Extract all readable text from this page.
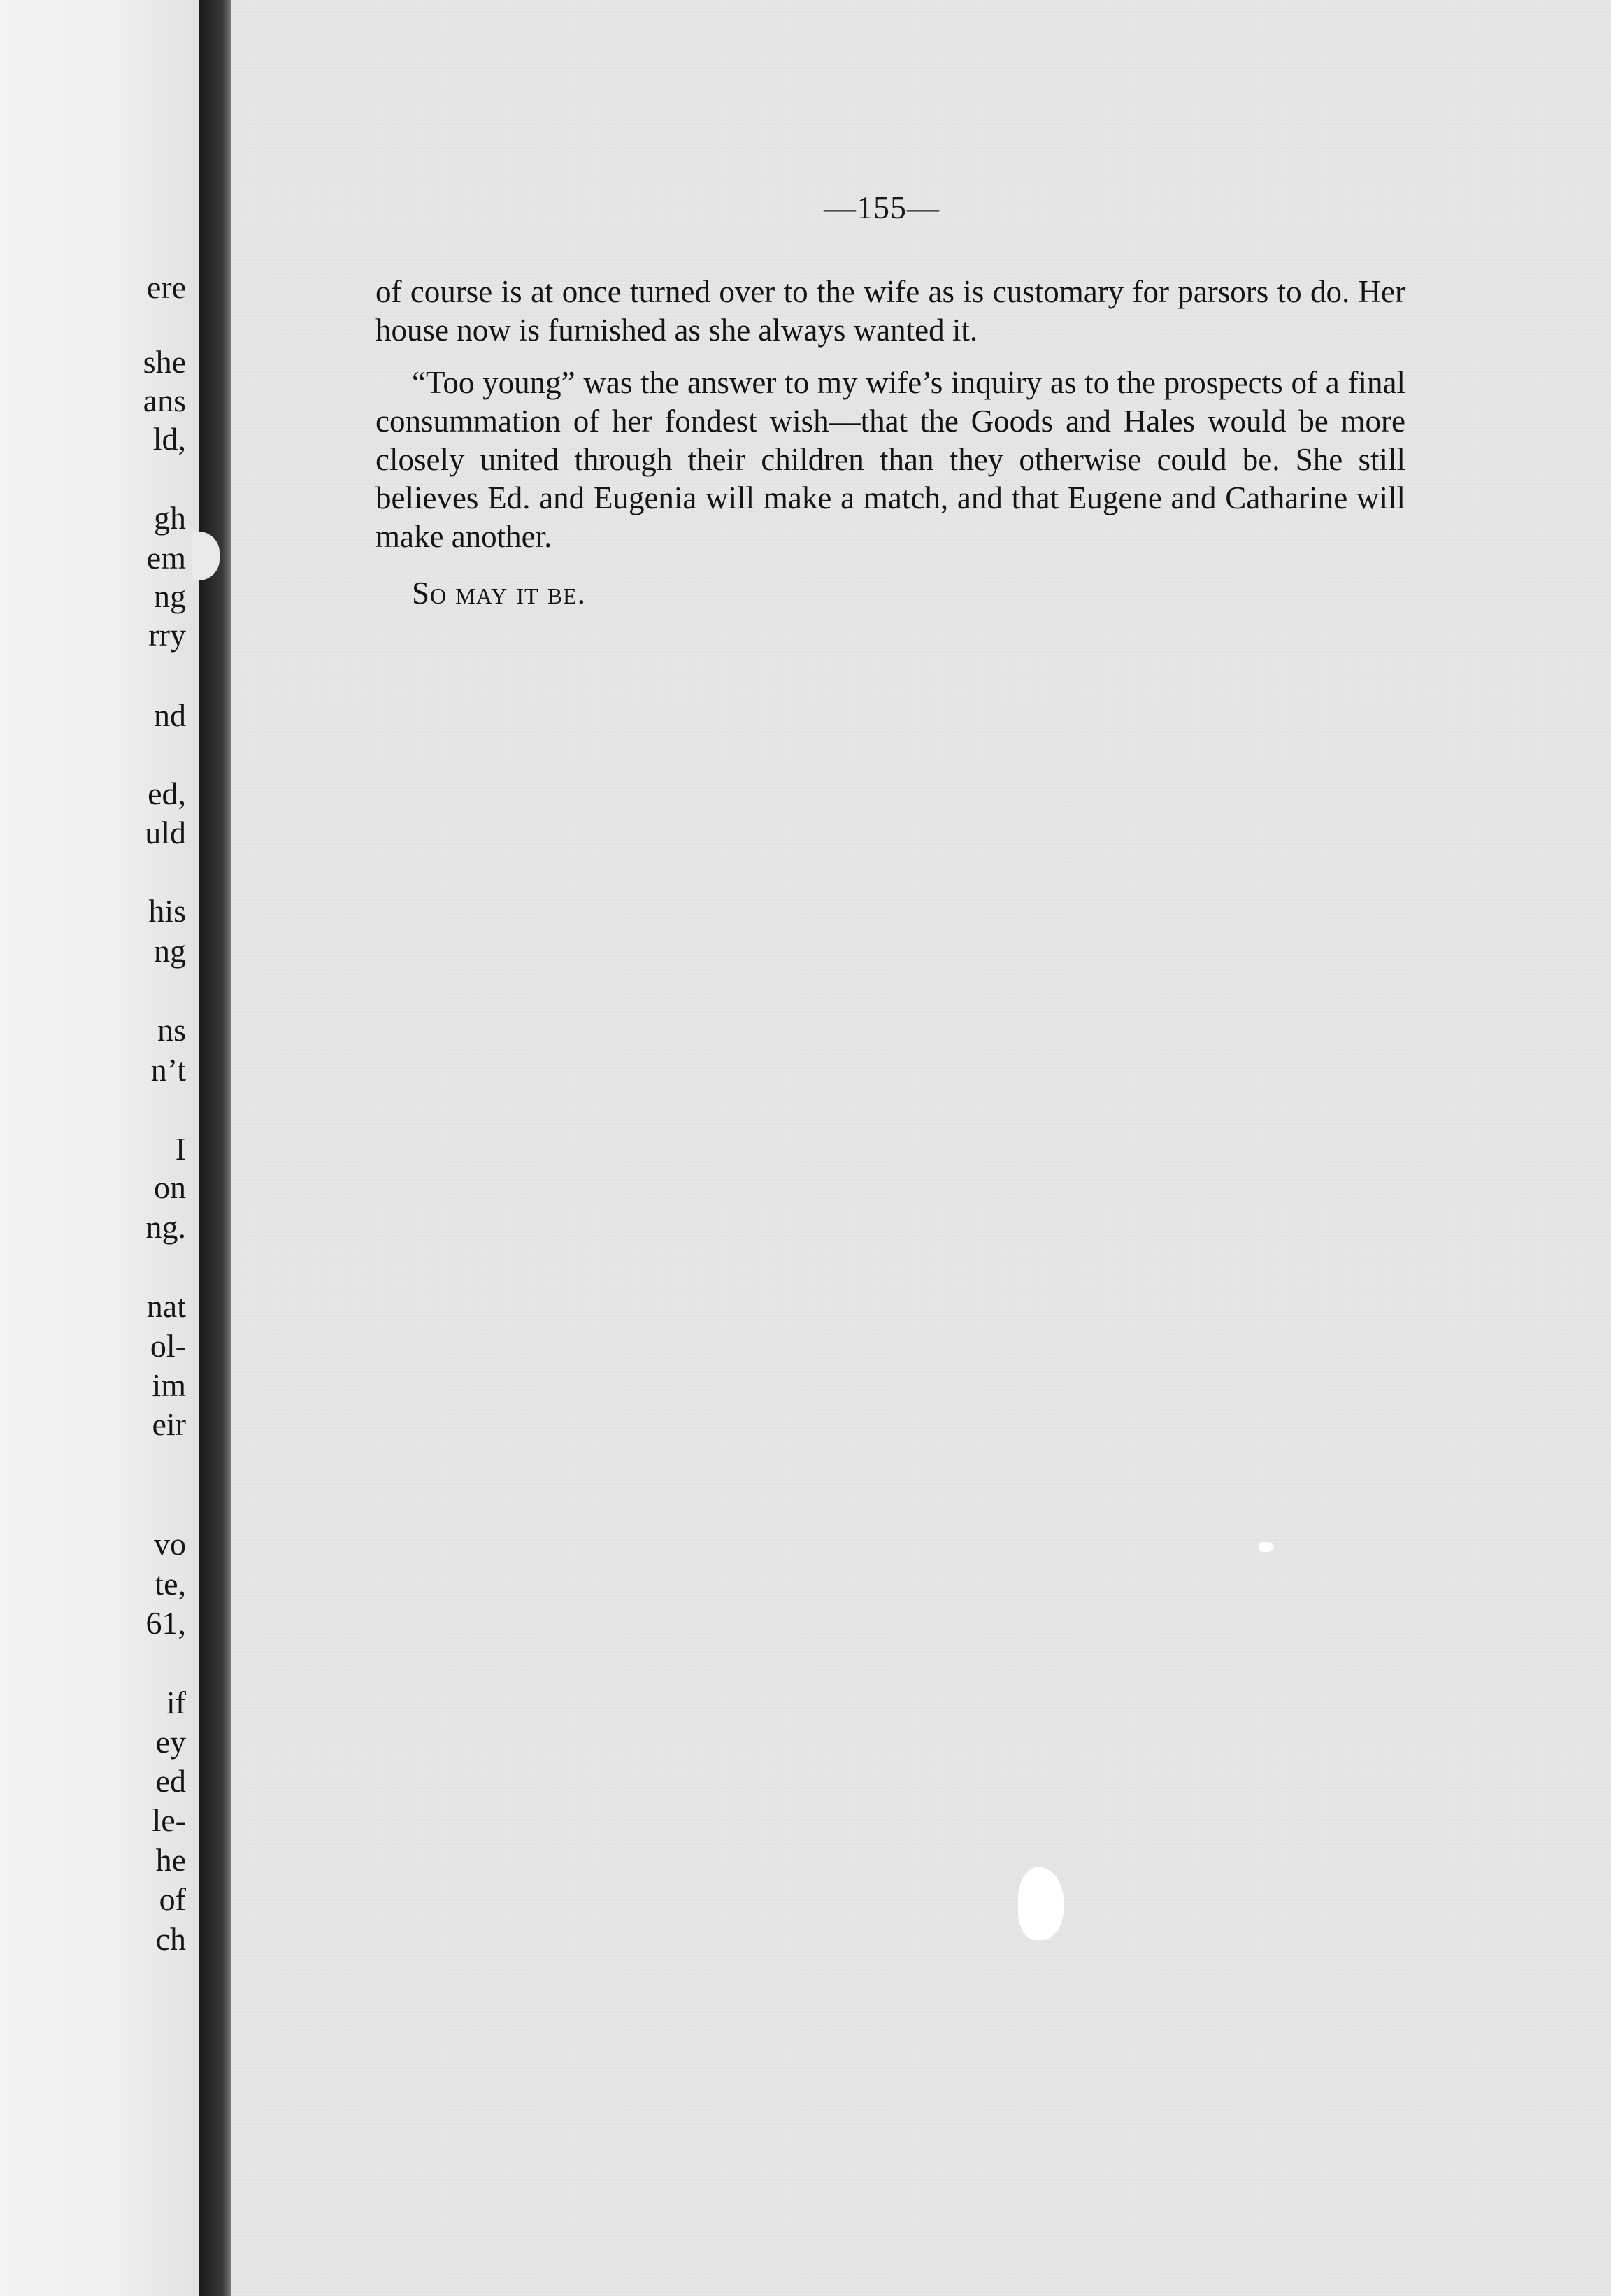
ere
she
ans
ld,
gh
em
ng
rry
nd
ed,
uld
his
ng
ns
n’t
I
on
ng.
nat
ol-
im
eir
vo
te,
61,
if
ey
ed
le-
he
of
ch
—155—

of course is at once turned over to the wife as is customary for parsors to do. Her house now is furnished as she always wanted it.

“Too young” was the answer to my wife’s inquiry as to the prospects of a final consummation of her fondest wish—that the Goods and Hales would be more closely united through their children than they otherwise could be. She still believes Ed. and Eugenia will make a match, and that Eugene and Catharine will make another.

So may it be.
